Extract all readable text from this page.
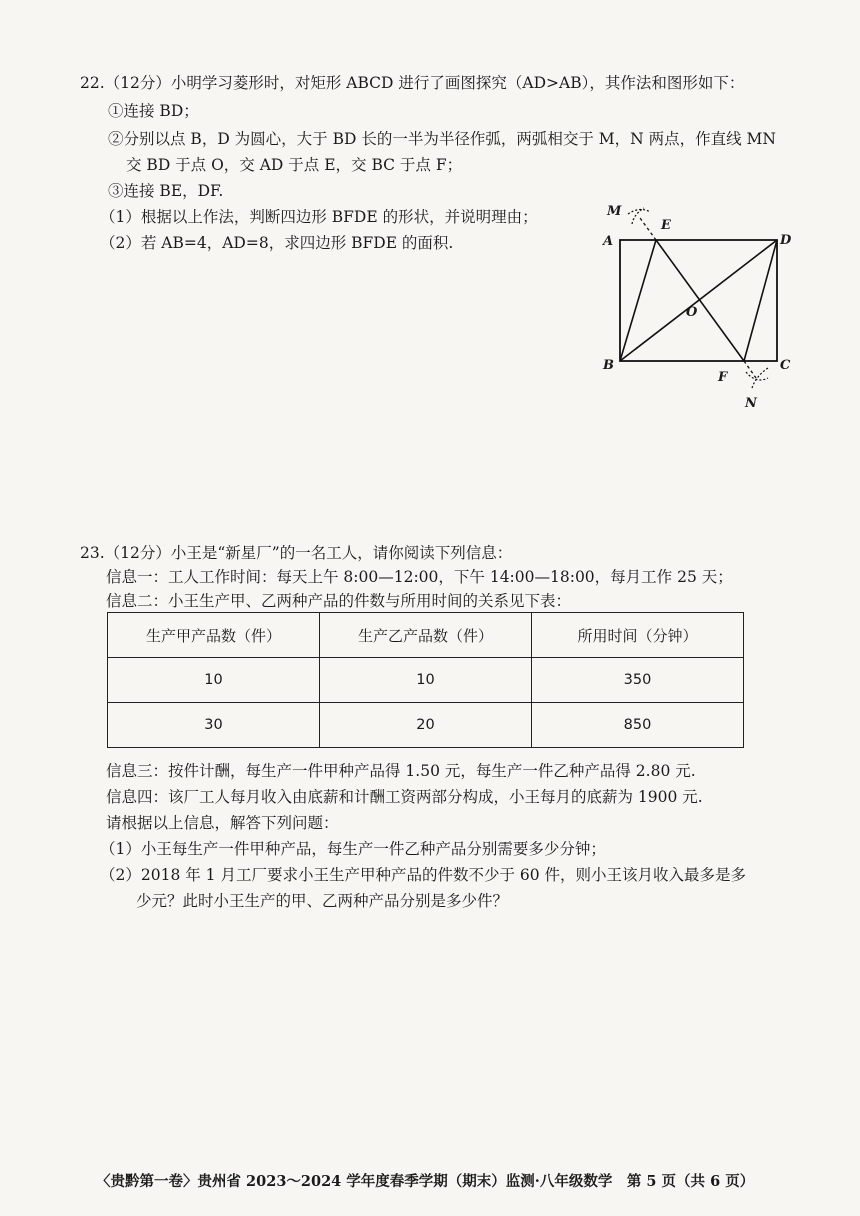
22.（12分）小明学习菱形时，对矩形 ABCD 进行了画图探究（AD>AB），其作法和图形如下：
①连接 BD；
②分别以点 B，D 为圆心，大于 BD 长的一半为半径作弧，两弧相交于 M，N 两点，作直线 MN
交 BD 于点 O，交 AD 于点 E，交 BC 于点 F；
③连接 BE，DF.
（1）根据以上作法，判断四边形 BFDE 的形状，并说明理由；
（2）若 AB=4，AD=8，求四边形 BFDE 的面积.
M
E
A	D
O
B
F
C
N
23.（12分）小王是“新星厂”的一名工人，请你阅读下列信息：
信息一：工人工作时间：每天上午 8:00—12:00，下午 14:00—18:00，每月工作 25 天；
信息二：小王生产甲、乙两种产品的件数与所用时间的关系见下表：
生产甲产品数（件）	生产乙产品数（件）	所用时间（分钟）
10	10	350
30	20	850
信息三：按件计酬，每生产一件甲种产品得 1.50 元，每生产一件乙种产品得 2.80 元.
信息四：该厂工人每月收入由底薪和计酬工资两部分构成，小王每月的底薪为 1900 元.
请根据以上信息，解答下列问题：
（1）小王每生产一件甲种产品，每生产一件乙种产品分别需要多少分钟；
（2）2018 年 1 月工厂要求小王生产甲种产品的件数不少于 60 件，则小王该月收入最多是多
少元？此时小王生产的甲、乙两种产品分别是多少件？
〈贵黔第一卷〉贵州省 2023～2024 学年度春季学期（期末）监测·八年级数学　第 5 页（共 6 页）
